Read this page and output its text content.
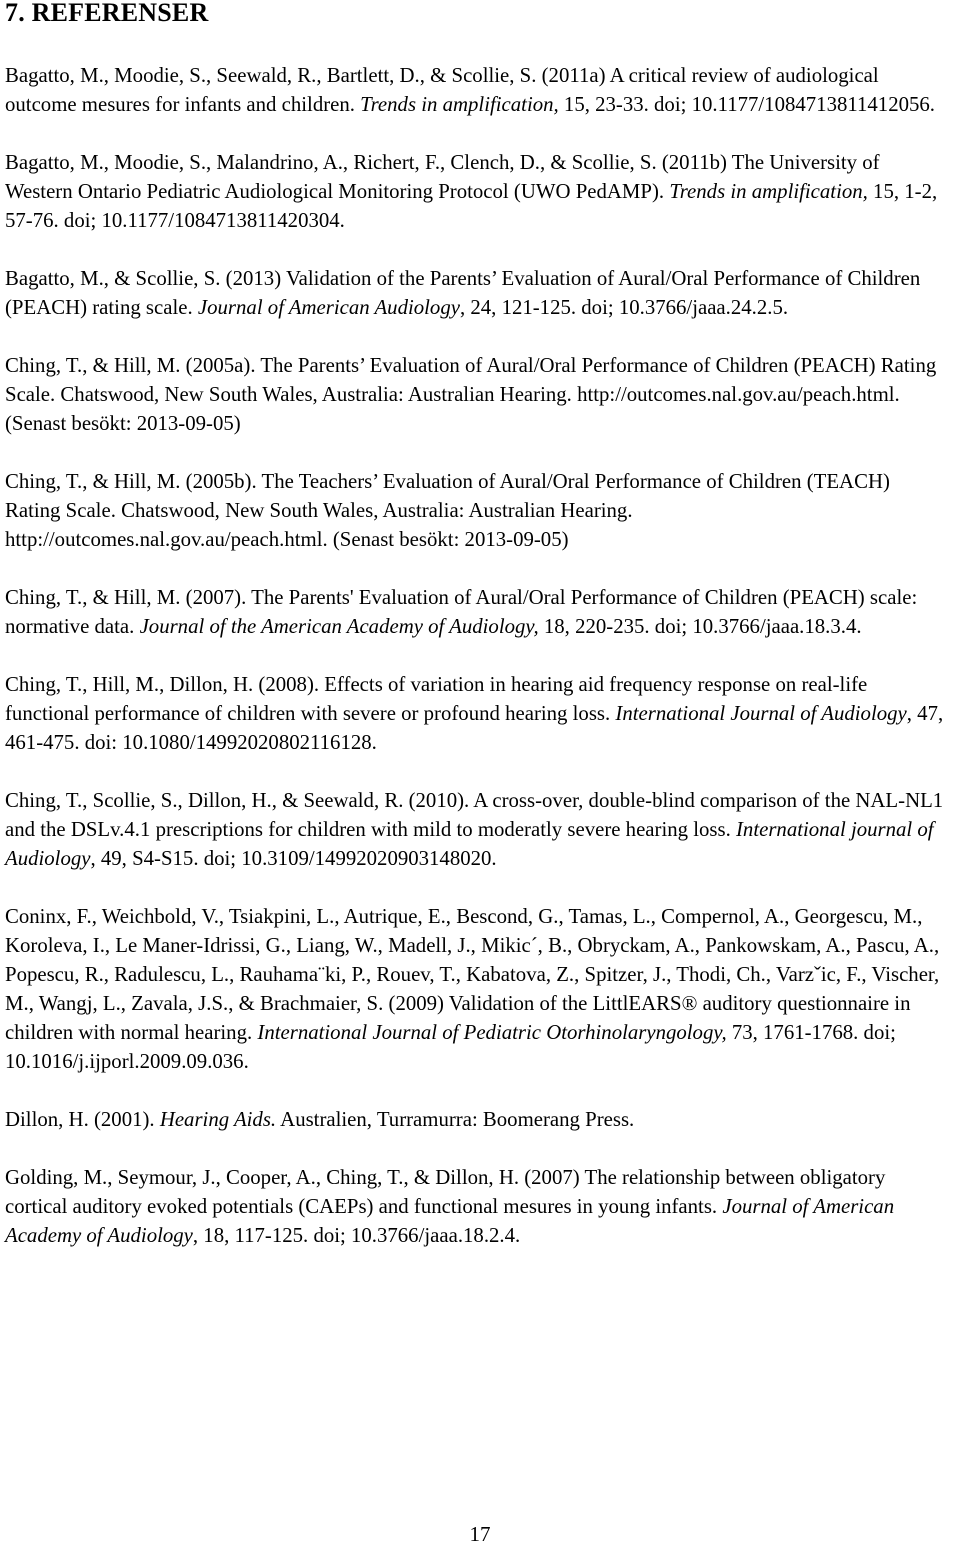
7. REFERENSER
Bagatto, M., Moodie, S., Seewald, R., Bartlett, D., & Scollie, S. (2011a) A critical review of audiological outcome mesures for infants and children. Trends in amplification, 15, 23-33. doi; 10.1177/1084713811412056.
Bagatto, M., Moodie, S., Malandrino, A., Richert, F., Clench, D., & Scollie, S. (2011b) The University of Western Ontario Pediatric Audiological Monitoring Protocol (UWO PedAMP). Trends in amplification, 15, 1-2, 57-76. doi; 10.1177/1084713811420304.
Bagatto, M., & Scollie, S. (2013) Validation of the Parents’ Evaluation of Aural/Oral Performance of Children (PEACH) rating scale. Journal of American Audiology, 24, 121-125. doi; 10.3766/jaaa.24.2.5.
Ching, T., & Hill, M. (2005a). The Parents’ Evaluation of Aural/Oral Performance of Children (PEACH) Rating Scale. Chatswood, New South Wales, Australia: Australian Hearing. http://outcomes.nal.gov.au/peach.html. (Senast besökt: 2013-09-05)
Ching, T., & Hill, M. (2005b). The Teachers’ Evaluation of Aural/Oral Performance of Children (TEACH) Rating Scale. Chatswood, New South Wales, Australia: Australian Hearing. http://outcomes.nal.gov.au/peach.html. (Senast besökt: 2013-09-05)
Ching, T., & Hill, M. (2007). The Parents' Evaluation of Aural/Oral Performance of Children (PEACH) scale: normative data. Journal of the American Academy of Audiology, 18, 220-235. doi; 10.3766/jaaa.18.3.4.
Ching, T., Hill, M., Dillon, H. (2008). Effects of variation in hearing aid frequency response on real-life functional performance of children with severe or profound hearing loss. International Journal of Audiology, 47, 461-475. doi: 10.1080/14992020802116128.
Ching, T., Scollie, S., Dillon, H., & Seewald, R. (2010). A cross-over, double-blind comparison of the NAL-NL1 and the DSLv.4.1 prescriptions for children with mild to moderatly severe hearing loss. International journal of Audiology, 49, S4-S15. doi; 10.3109/14992020903148020.
Coninx, F., Weichbold, V., Tsiakpini, L., Autrique, E., Bescond, G., Tamas, L., Compernol, A., Georgescu, M., Koroleva, I., Le Maner-Idrissi, G., Liang, W., Madell, J., Mikic´, B., Obryckam, A., Pankowskam, A., Pascu, A., Popescu, R., Radulescu, L., Rauhama¨ki, P., Rouev, T., Kabatova, Z., Spitzer, J., Thodi, Ch., Varzˇic, F., Vischer, M., Wangj, L., Zavala, J.S., & Brachmaier, S. (2009) Validation of the LittlEARS® auditory questionnaire in children with normal hearing. International Journal of Pediatric Otorhinolaryngology, 73, 1761-1768. doi; 10.1016/j.ijporl.2009.09.036.
Dillon, H. (2001). Hearing Aids. Australien, Turramurra: Boomerang Press.
Golding, M., Seymour, J., Cooper, A., Ching, T., & Dillon, H. (2007) The relationship between obligatory cortical auditory evoked potentials (CAEPs) and functional mesures in young infants. Journal of American Academy of Audiology, 18, 117-125. doi; 10.3766/jaaa.18.2.4.
17
